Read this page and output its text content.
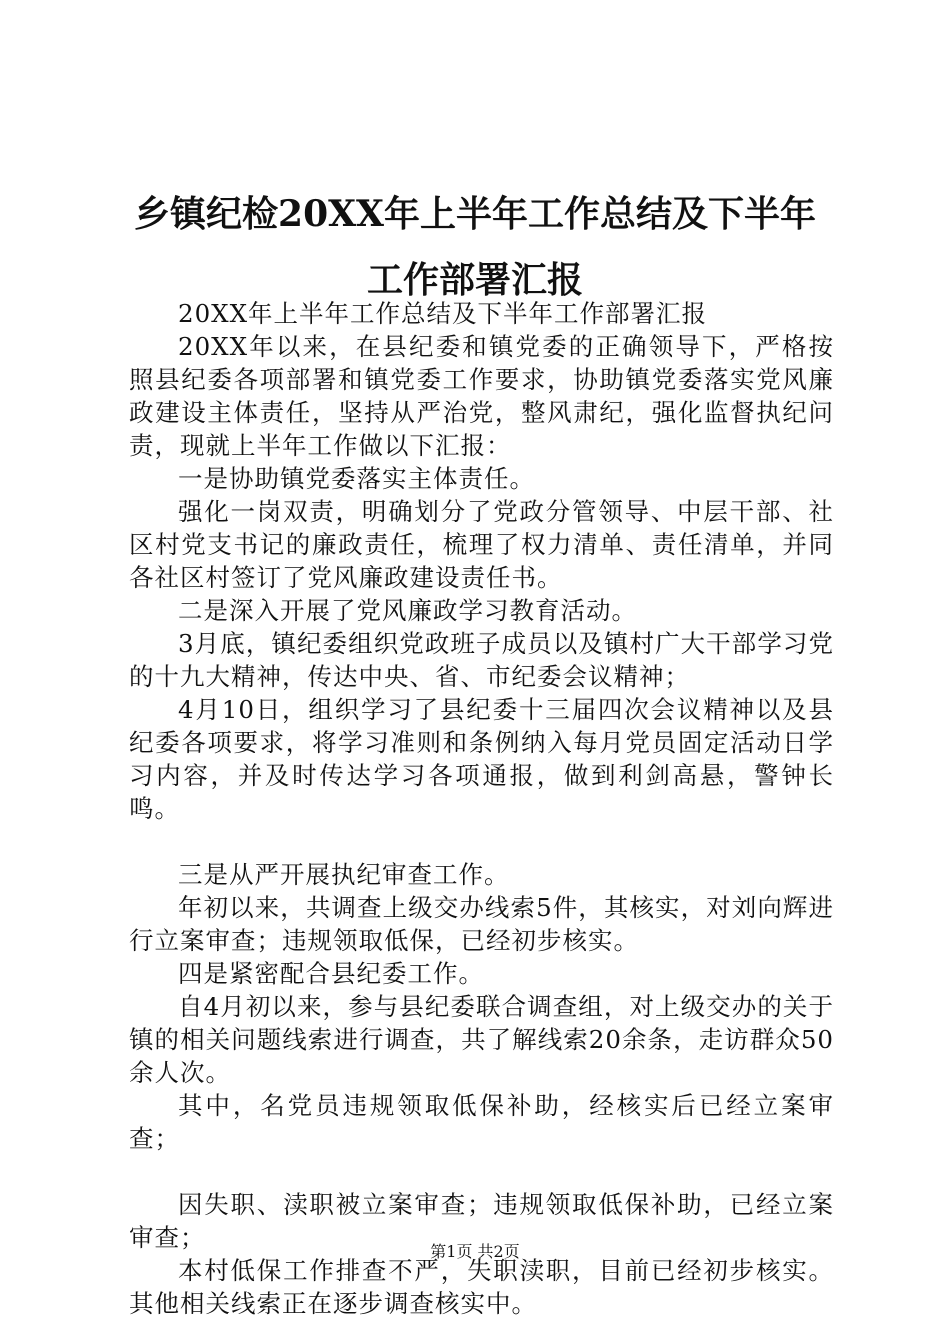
乡镇纪检20XX年上半年工作总结及下半年工作部署汇报

20XX年上半年工作总结及下半年工作部署汇报

20XX年以来，在县纪委和镇党委的正确领导下，严格按照县纪委各项部署和镇党委工作要求，协助镇党委落实党风廉政建设主体责任，坚持从严治党，整风肃纪，强化监督执纪问责，现就上半年工作做以下汇报：

一是协助镇党委落实主体责任。

强化一岗双责，明确划分了党政分管领导、中层干部、社区村党支书记的廉政责任，梳理了权力清单、责任清单，并同各社区村签订了党风廉政建设责任书。

二是深入开展了党风廉政学习教育活动。

3月底，镇纪委组织党政班子成员以及镇村广大干部学习党的十九大精神，传达中央、省、市纪委会议精神；

4月10日，组织学习了县纪委十三届四次会议精神以及县纪委各项要求，将学习准则和条例纳入每月党员固定活动日学习内容，并及时传达学习各项通报，做到利剑高悬，警钟长鸣。

三是从严开展执纪审查工作。

年初以来，共调查上级交办线索5件，其核实，对刘向辉进行立案审查；违规领取低保，已经初步核实。

四是紧密配合县纪委工作。

自4月初以来，参与县纪委联合调查组，对上级交办的关于镇的相关问题线索进行调查，共了解线索20余条，走访群众50余人次。

其中，名党员违规领取低保补助，经核实后已经立案审查；

因失职、渎职被立案审查；违规领取低保补助，已经立案审查；

本村低保工作排查不严，失职渎职，目前已经初步核实。其他相关线索正在逐步调查核实中。

第1页 共2页
